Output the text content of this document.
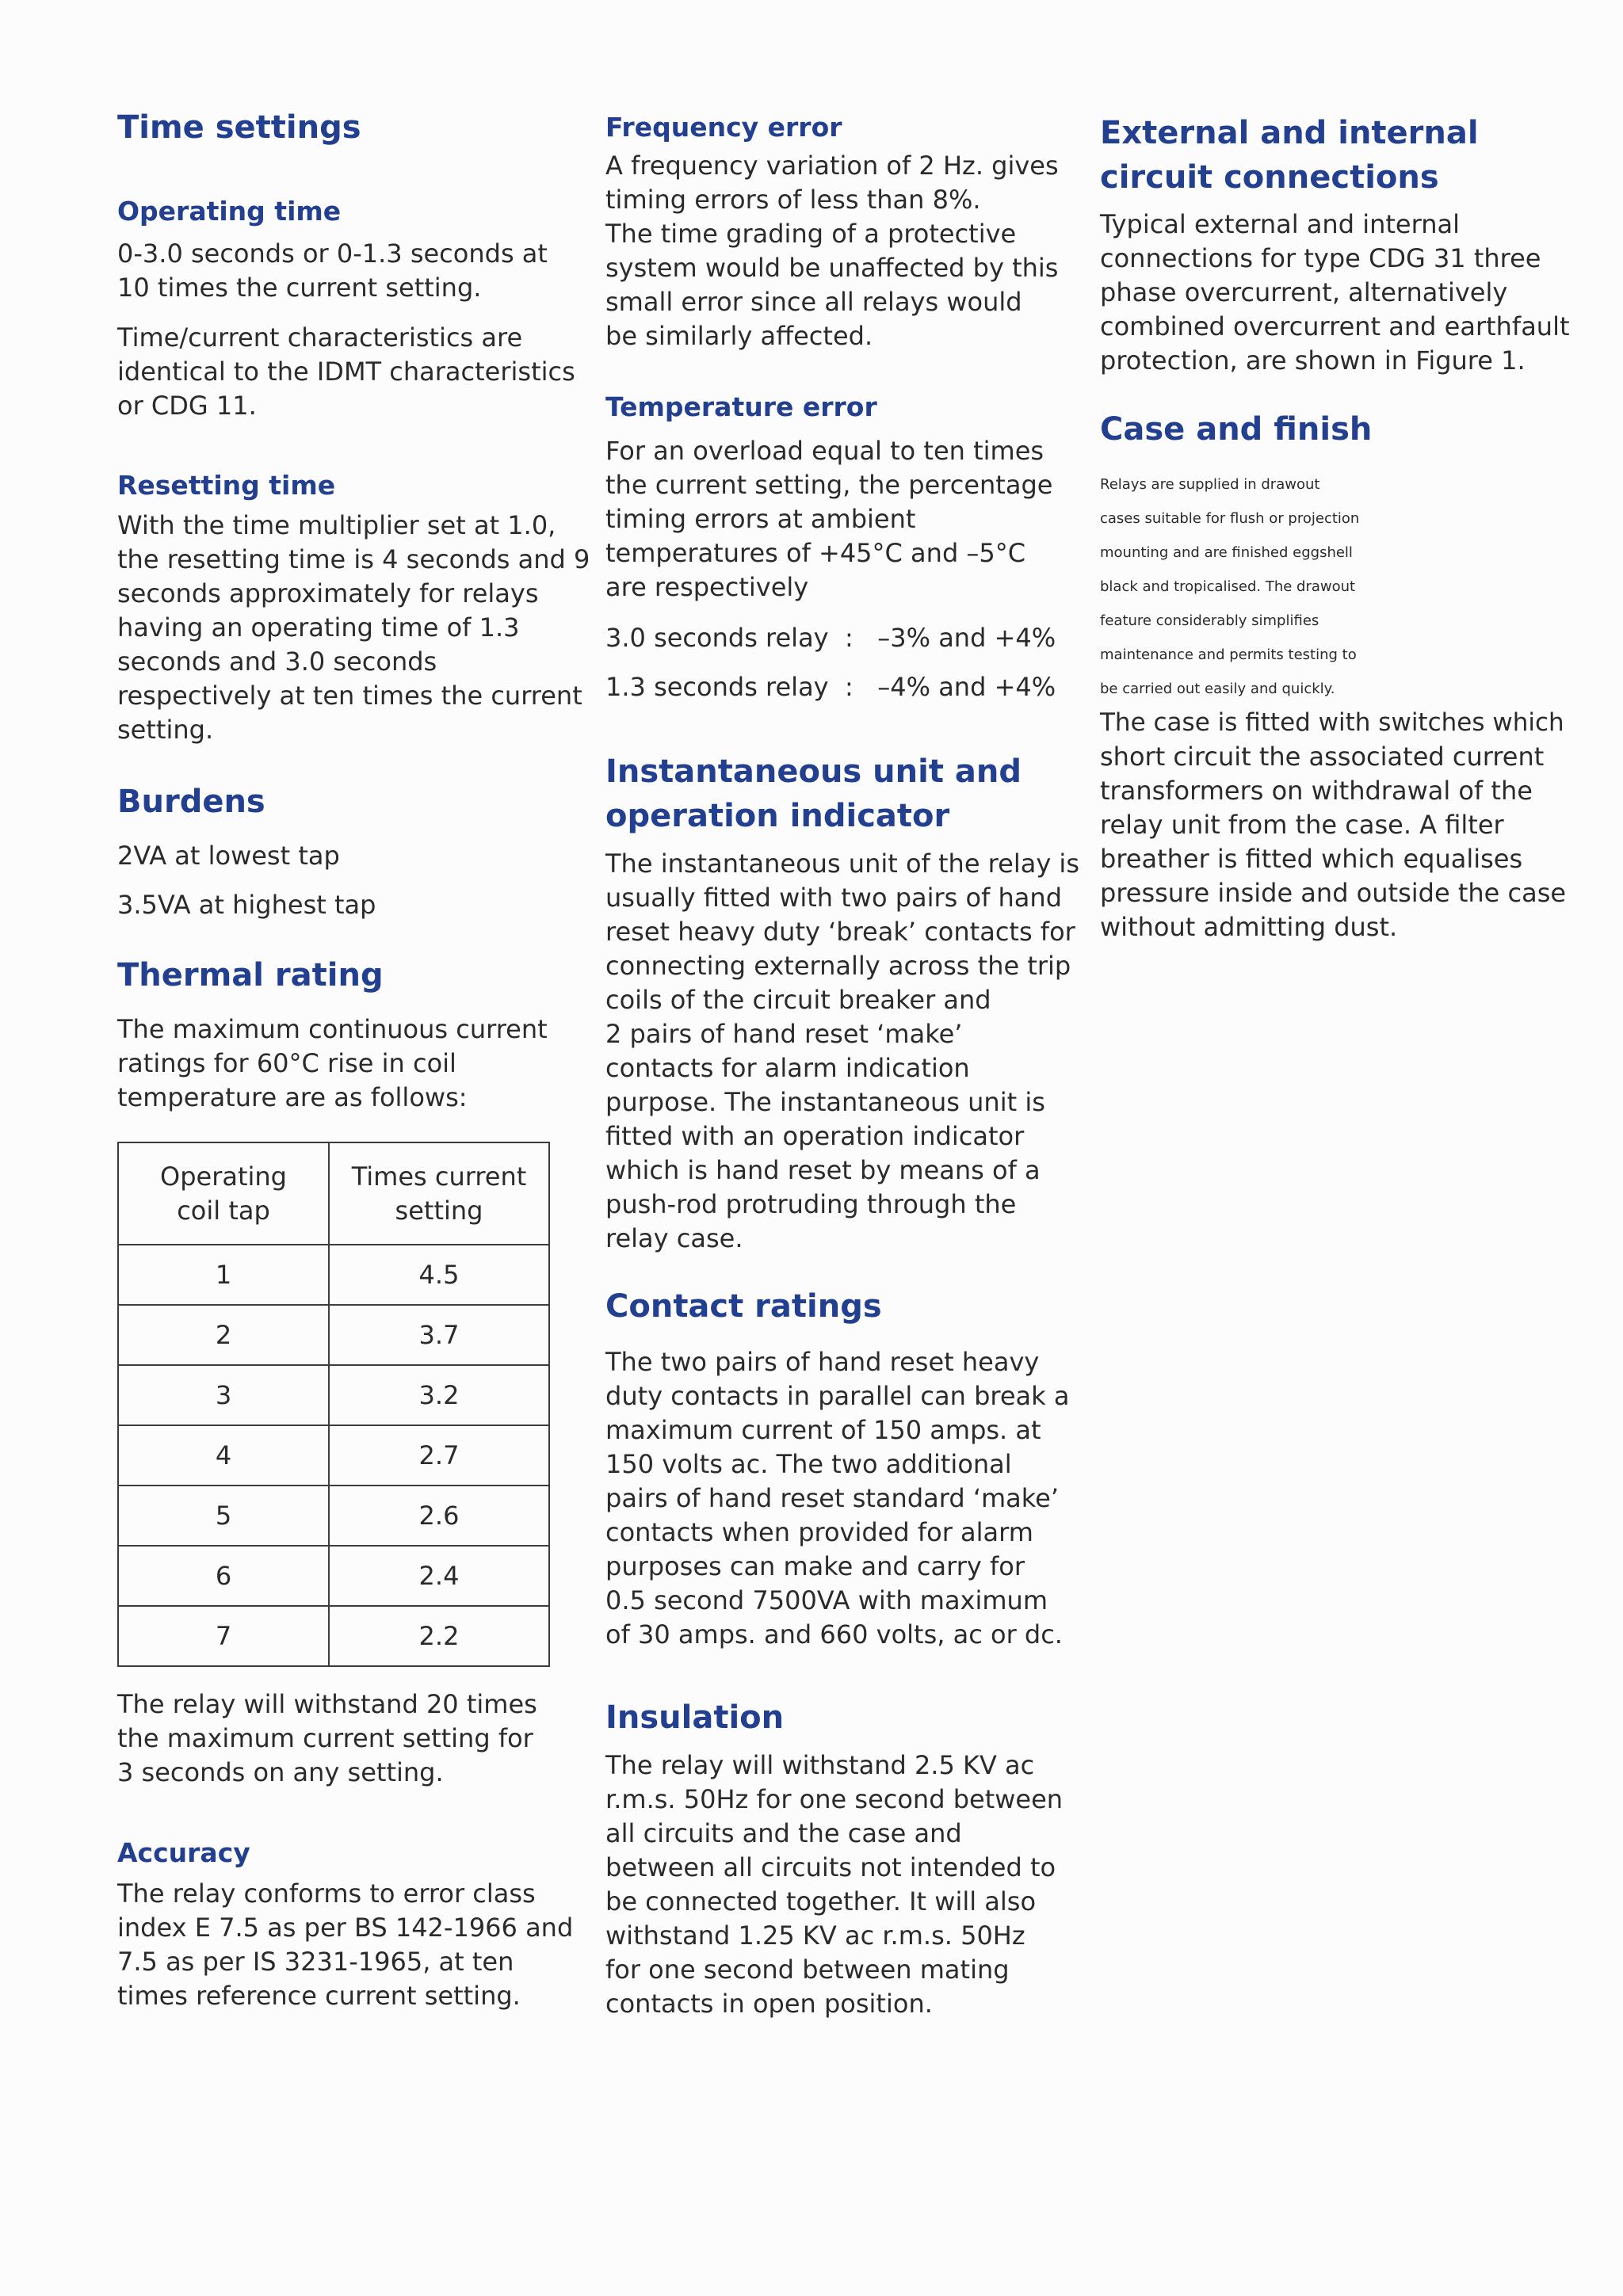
Time settings
Operating time

0-3.0 seconds or 0-1.3 seconds at
10 times the current setting.

Time/current characteristics are
identical to the IDMT characteristics
or CDG 11.

Resetting time

With the time multiplier set at 1.0,
the resetting time is 4 seconds and 9
seconds approximately for relays
having an operating time of 1.3
seconds and 3.0 seconds
respectively at ten times the current
setting.

Burdens

2VA at lowest tap

3.5VA at highest tap

Thermal rating

The maximum continuous current
ratings for 60°C rise in coil
temperature are as follows:

Operating
coil tap	Times current
setting

1	4.5
2	3.7
3	3.2
4	2.7
5	2.6
6	2.4
7	2.2

The relay will withstand 20 times
the maximum current setting for
3 seconds on any setting.

Accuracy

The relay conforms to error class
index E 7.5 as per BS 142-1966 and
7.5 as per IS 3231-1965, at ten
times reference current setting.

Frequency error

A frequency variation of 2 Hz. gives
timing errors of less than 8%.
The time grading of a protective
system would be unaffected by this
small error since all relays would
be similarly affected.

Temperature error

For an overload equal to ten times
the current setting, the percentage
timing errors at ambient
temperatures of +45°C and –5°C
are respectively

3.0 seconds relay  :   –3% and +4%

1.3 seconds relay  :   –4% and +4%

Instantaneous unit and
operation indicator

The instantaneous unit of the relay is
usually fitted with two pairs of hand
reset heavy duty ‘break’ contacts for
connecting externally across the trip
coils of the circuit breaker and
2 pairs of hand reset ‘make’
contacts for alarm indication
purpose. The instantaneous unit is
fitted with an operation indicator
which is hand reset by means of a
push-rod protruding through the
relay case.

Contact ratings

The two pairs of hand reset heavy
duty contacts in parallel can break a
maximum current of 150 amps. at
150 volts ac. The two additional
pairs of hand reset standard ‘make’
contacts when provided for alarm
purposes can make and carry for
0.5 second 7500VA with maximum
of 30 amps. and 660 volts, ac or dc.

Insulation

The relay will withstand 2.5 KV ac
r.m.s. 50Hz for one second between
all circuits and the case and
between all circuits not intended to
be connected together. It will also
withstand 1.25 KV ac r.m.s. 50Hz
for one second between mating
contacts in open position.

External and internal
circuit connections

Typical external and internal
connections for type CDG 31 three
phase overcurrent, alternatively
combined overcurrent and earthfault
protection, are shown in Figure 1.

Case and finish

Relays are supplied in drawout
cases suitable for flush or projection
mounting and are finished eggshell
black and tropicalised. The drawout
feature considerably simplifies
maintenance and permits testing to
be carried out easily and quickly.
The case is fitted with switches which
short circuit the associated current
transformers on withdrawal of the
relay unit from the case. A filter
breather is fitted which equalises
pressure inside and outside the case
without admitting dust.
